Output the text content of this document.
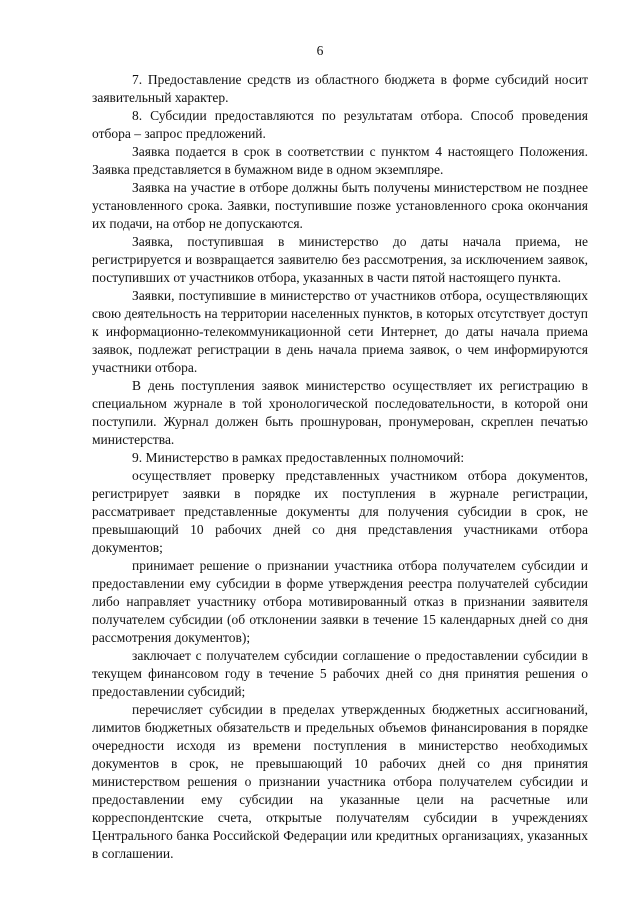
6

7. Предоставление средств из областного бюджета в форме субсидий носит заявительный характер.

8. Субсидии предоставляются по результатам отбора. Способ проведения отбора – запрос предложений.

Заявка подается в срок в соответствии с пунктом 4 настоящего Положения. Заявка представляется в бумажном виде в одном экземпляре.

Заявка на участие в отборе должны быть получены министерством не позднее установленного срока. Заявки, поступившие позже установленного срока окончания их подачи, на отбор не допускаются.

Заявка, поступившая в министерство до даты начала приема, не регистрируется и возвращается заявителю без рассмотрения, за исключением заявок, поступивших от участников отбора, указанных в части пятой настоящего пункта.

Заявки, поступившие в министерство от участников отбора, осуществляющих свою деятельность на территории населенных пунктов, в которых отсутствует доступ к информационно-телекоммуникационной сети Интернет, до даты начала приема заявок, подлежат регистрации в день начала приема заявок, о чем информируются участники отбора.

В день поступления заявок министерство осуществляет их регистрацию в специальном журнале в той хронологической последовательности, в которой они поступили. Журнал должен быть прошнурован, пронумерован, скреплен печатью министерства.

9. Министерство в рамках предоставленных полномочий:

осуществляет проверку представленных участником отбора документов, регистрирует заявки в порядке их поступления в журнале регистрации, рассматривает представленные документы для получения субсидии в срок, не превышающий 10 рабочих дней со дня представления участниками отбора документов;

принимает решение о признании участника отбора получателем субсидии и предоставлении ему субсидии в форме утверждения реестра получателей субсидии либо направляет участнику отбора мотивированный отказ в признании заявителя получателем субсидии (об отклонении заявки в течение 15 календарных дней со дня рассмотрения документов);

заключает с получателем субсидии соглашение о предоставлении субсидии в текущем финансовом году в течение 5 рабочих дней со дня принятия решения о предоставлении субсидий;

перечисляет субсидии в пределах утвержденных бюджетных ассигнований, лимитов бюджетных обязательств и предельных объемов финансирования в порядке очередности исходя из времени поступления в министерство необходимых документов в срок, не превышающий 10 рабочих дней со дня принятия министерством решения о признании участника отбора получателем субсидии и предоставлении ему субсидии на указанные цели на расчетные или корреспондентские счета, открытые получателям субсидии в учреждениях Центрального банка Российской Федерации или кредитных организациях, указанных в соглашении.
